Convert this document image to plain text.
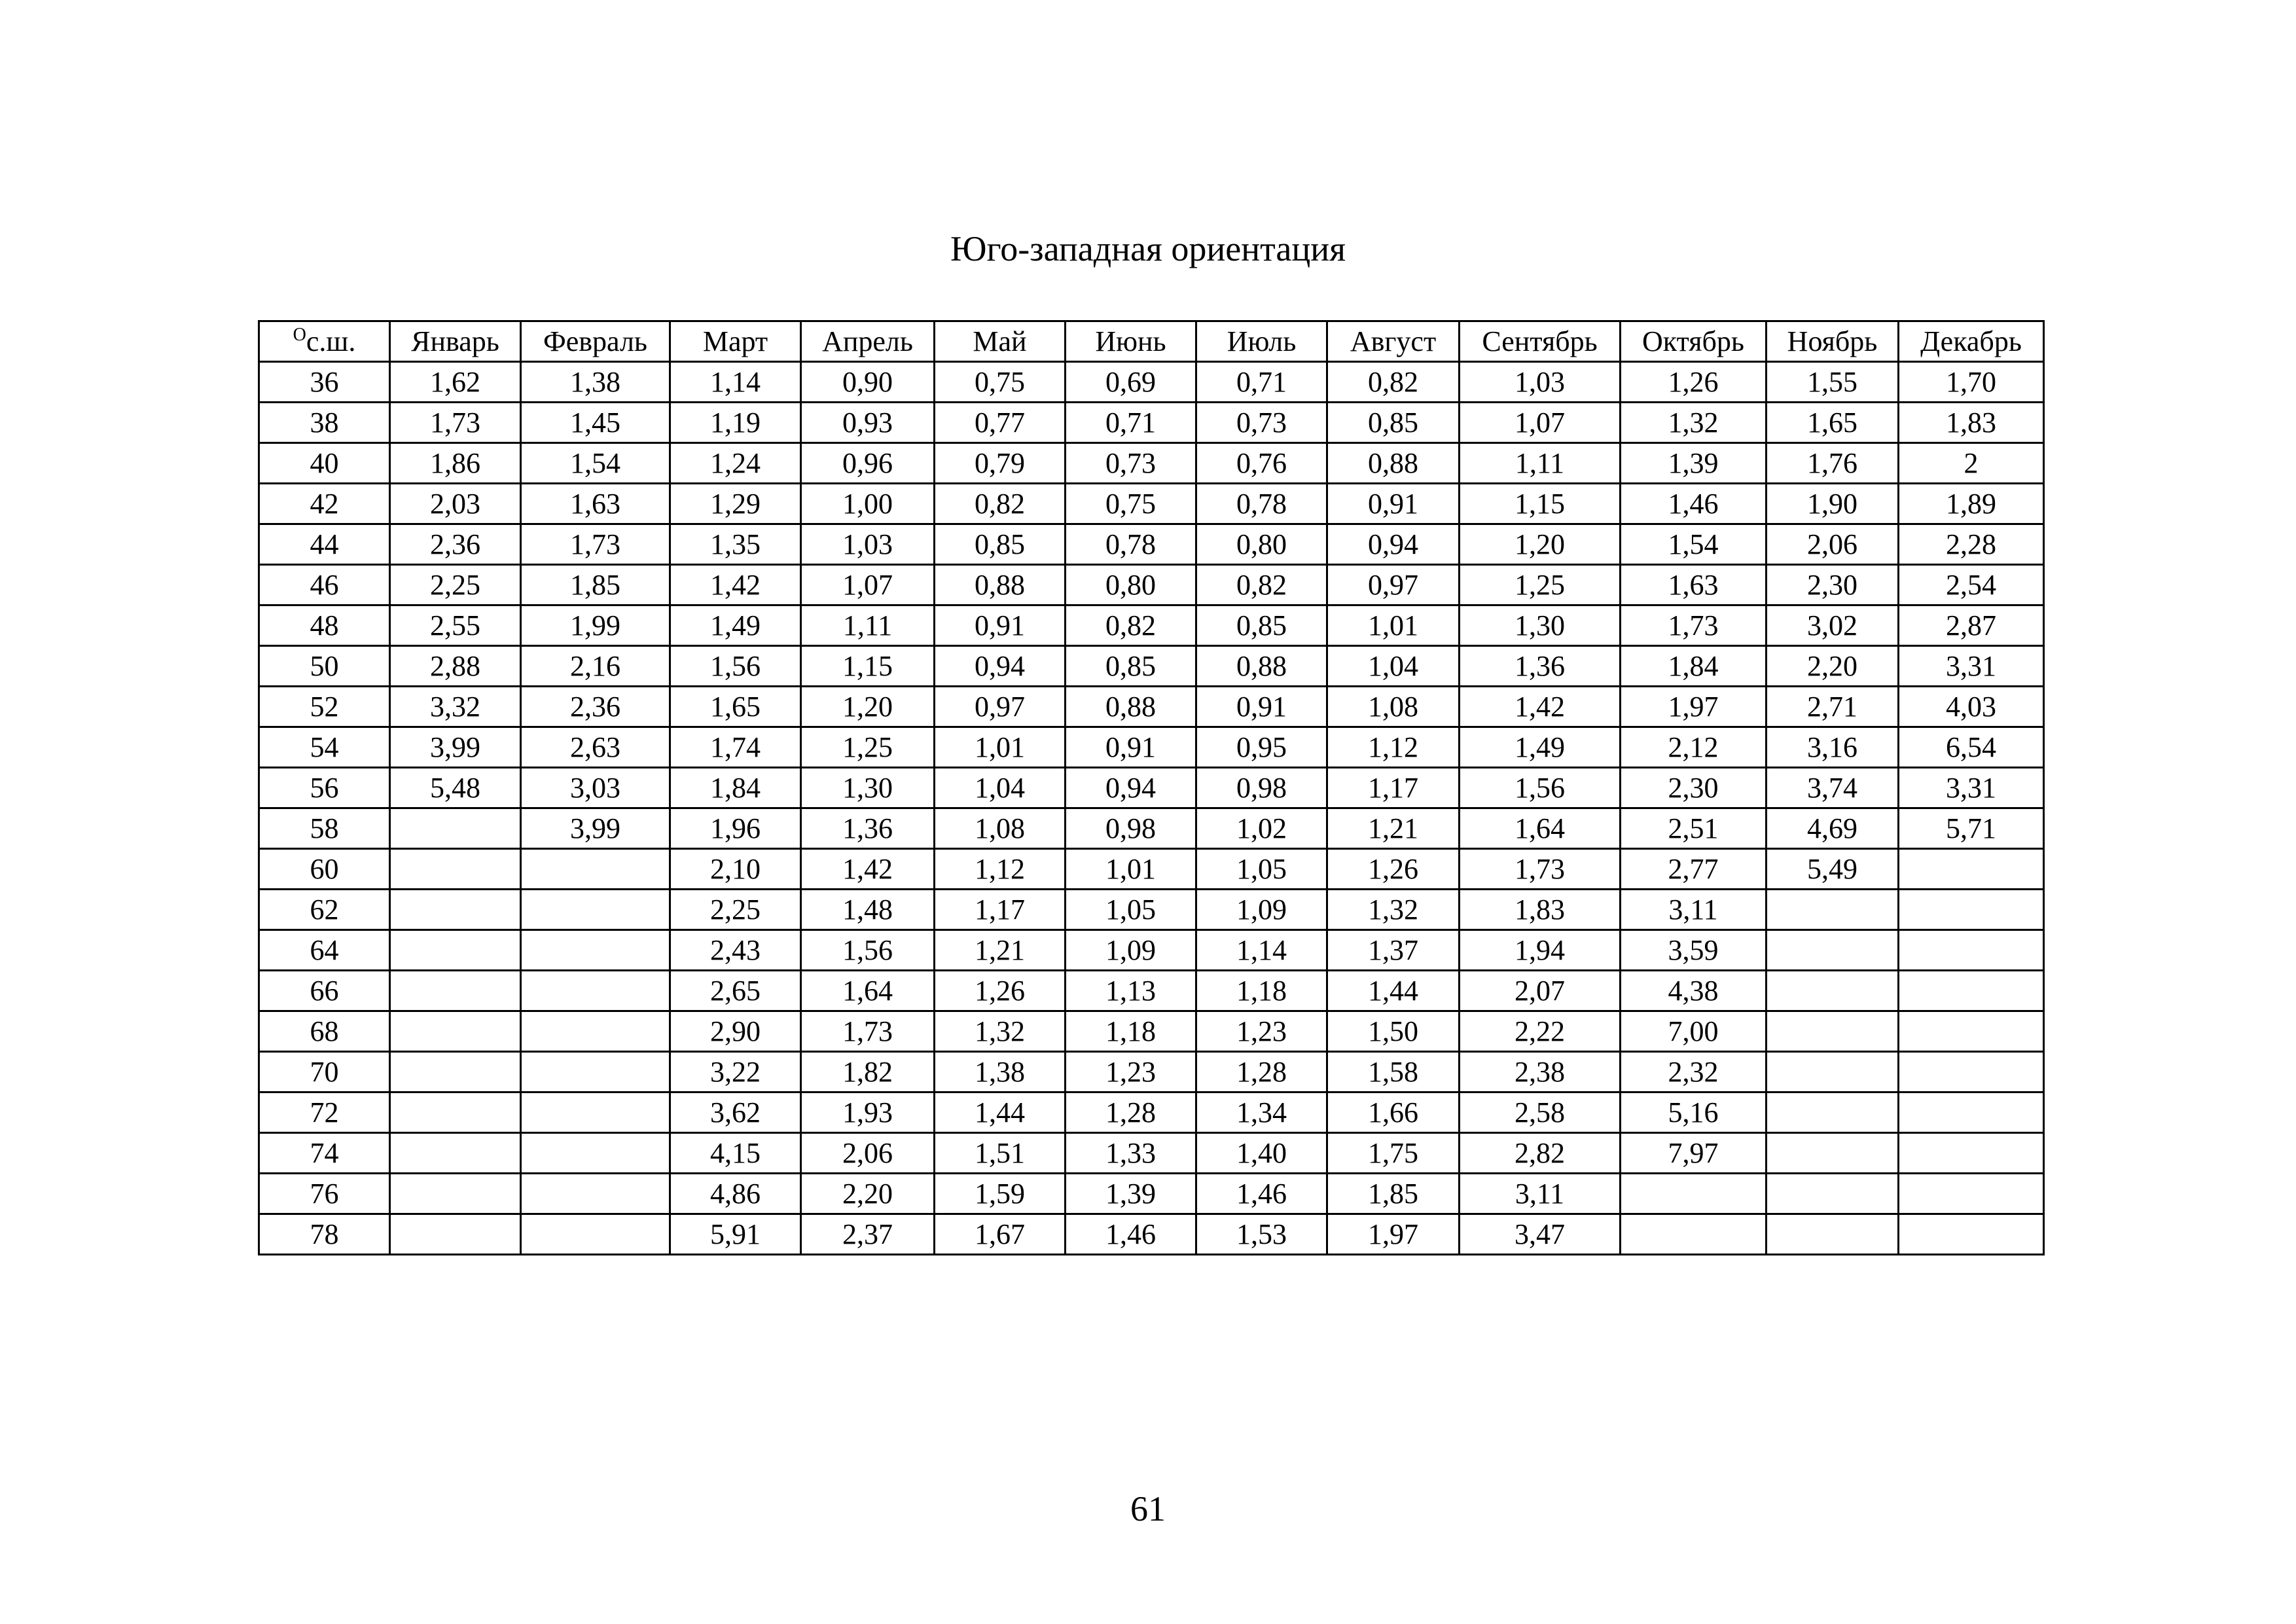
Юго-западная ориентация
$^О$с.ш.	Январь	Февраль	Март	Апрель	Май	Июнь	Июль	Август	Сентябрь	Октябрь	Ноябрь	Декабрь
36	1,62	1,38	1,14	0,90	0,75	0,69	0,71	0,82	1,03	1,26	1,55	1,70
38	1,73	1,45	1,19	0,93	0,77	0,71	0,73	0,85	1,07	1,32	1,65	1,83
40	1,86	1,54	1,24	0,96	0,79	0,73	0,76	0,88	1,11	1,39	1,76	2
42	2,03	1,63	1,29	1,00	0,82	0,75	0,78	0,91	1,15	1,46	1,90	1,89
44	2,36	1,73	1,35	1,03	0,85	0,78	0,80	0,94	1,20	1,54	2,06	2,28
46	2,25	1,85	1,42	1,07	0,88	0,80	0,82	0,97	1,25	1,63	2,30	2,54
48	2,55	1,99	1,49	1,11	0,91	0,82	0,85	1,01	1,30	1,73	3,02	2,87
50	2,88	2,16	1,56	1,15	0,94	0,85	0,88	1,04	1,36	1,84	2,20	3,31
52	3,32	2,36	1,65	1,20	0,97	0,88	0,91	1,08	1,42	1,97	2,71	4,03
54	3,99	2,63	1,74	1,25	1,01	0,91	0,95	1,12	1,49	2,12	3,16	6,54
56	5,48	3,03	1,84	1,30	1,04	0,94	0,98	1,17	1,56	2,30	3,74	3,31
58		3,99	1,96	1,36	1,08	0,98	1,02	1,21	1,64	2,51	4,69	5,71
60			2,10	1,42	1,12	1,01	1,05	1,26	1,73	2,77	5,49	
62			2,25	1,48	1,17	1,05	1,09	1,32	1,83	3,11		
64			2,43	1,56	1,21	1,09	1,14	1,37	1,94	3,59		
66			2,65	1,64	1,26	1,13	1,18	1,44	2,07	4,38		
68			2,90	1,73	1,32	1,18	1,23	1,50	2,22	7,00		
70			3,22	1,82	1,38	1,23	1,28	1,58	2,38	2,32		
72			3,62	1,93	1,44	1,28	1,34	1,66	2,58	5,16		
74			4,15	2,06	1,51	1,33	1,40	1,75	2,82	7,97		
76			4,86	2,20	1,59	1,39	1,46	1,85	3,11			
78			5,91	2,37	1,67	1,46	1,53	1,97	3,47			
61
